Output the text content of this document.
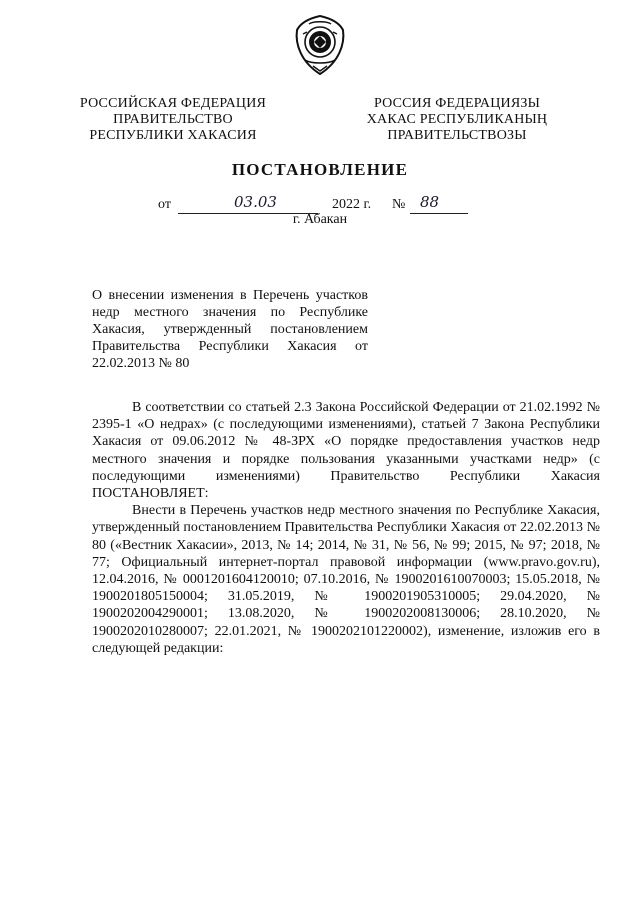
РОССИЙСКАЯ ФЕДЕРАЦИЯ
ПРАВИТЕЛЬСТВО
РЕСПУБЛИКИ ХАКАСИЯ
РОССИЯ ФЕДЕРАЦИЯЗЫ
ХАКАС РЕСПУБЛИКАНЫҢ
ПРАВИТЕЛЬСТВОЗЫ
ПОСТАНОВЛЕНИЕ
от	03.03	2022 г. № 88
г. Абакан
О внесении изменения в Перечень участков недр местного значения по Республике Хакасия, утвержденный постановлением Правительства Республики Хакасия от 22.02.2013 № 80

В соответствии со статьей 2.3 Закона Российской Федерации от 21.02.1992 № 2395-1 «О недрах» (с последующими изменениями), статьей 7 Закона Республики Хакасия от 09.06.2012 № 48-ЗРХ «О порядке предоставления участков недр местного значения и порядке пользования указанными участками недр» (с последующими изменениями) Правительство Республики Хакасия ПОСТАНОВЛЯЕТ:

Внести в Перечень участков недр местного значения по Республике Хакасия, утвержденный постановлением Правительства Республики Хакасия от 22.02.2013 № 80 («Вестник Хакасии», 2013, № 14; 2014, № 31, № 56, № 99; 2015, № 97; 2018, № 77; Официальный интернет-портал правовой информации (www.pravo.gov.ru), 12.04.2016, № 0001201604120010; 07.10.2016, № 1900201610070003; 15.05.2018, № 1900201805150004; 31.05.2019, № 1900201905310005; 29.04.2020, № 1900202004290001; 13.08.2020, № 1900202008130006; 28.10.2020, № 1900202010280007; 22.01.2021, № 1900202101220002), изменение, изложив его в следующей редакции:
